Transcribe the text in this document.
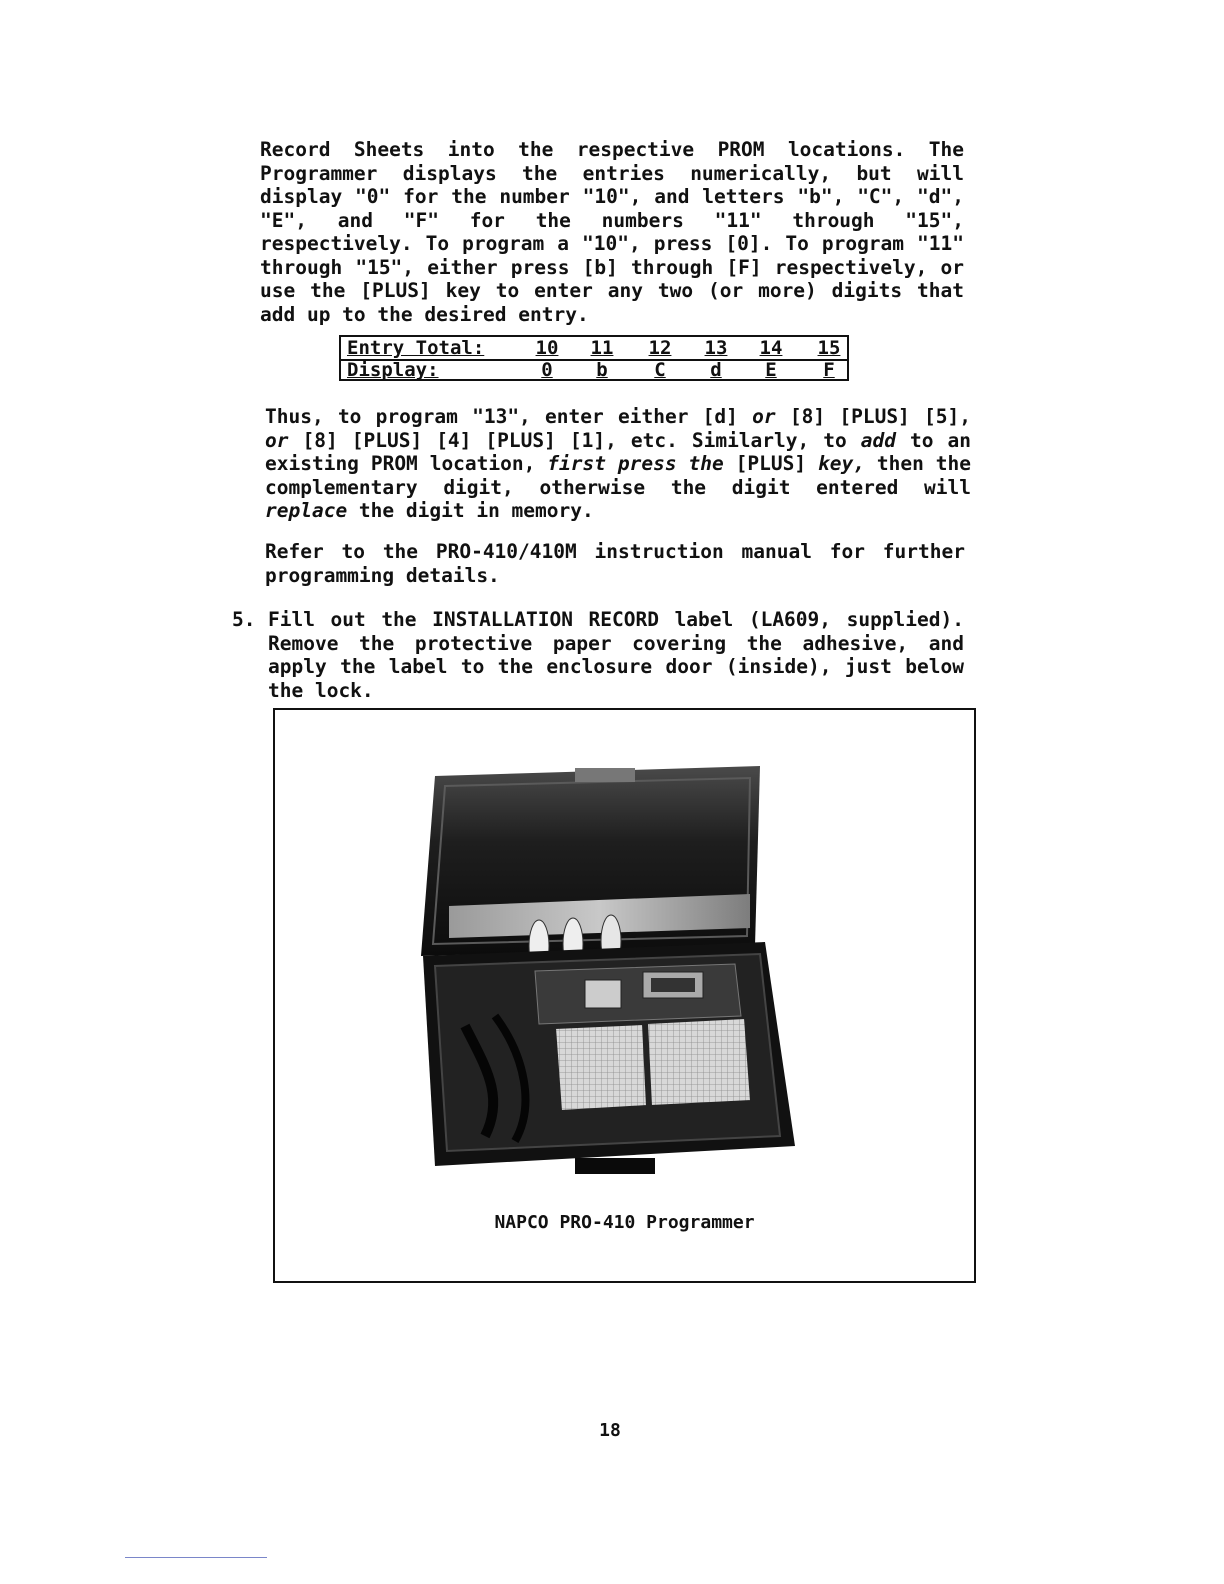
Record Sheets into the respective PROM locations. The Programmer displays the entries numerically, but will display "0" for the number "10", and letters "b", "C", "d", "E", and "F" for the numbers "11" through "15", respectively. To program a "10", press [0]. To program "11" through "15", either press [b] through [F] respectively, or use the [PLUS] key to enter any two (or more) digits that add up to the desired entry.

Entry Total:	10	11	12	13	14	15
Display:	0	b	C	d	E	F

Thus, to program "13", enter either [d] or [8] [PLUS] [5], or [8] [PLUS] [4] [PLUS] [1], etc. Similarly, to add to an existing PROM location, first press the [PLUS] key, then the complementary digit, otherwise the digit entered will replace the digit in memory.

Refer to the PRO-410/410M instruction manual for further programming details.

5. Fill out the INSTALLATION RECORD label (LA609, supplied). Remove the protective paper covering the adhesive, and apply the label to the enclosure door (inside), just below the lock.

NAPCO PRO-410 Programmer
18
